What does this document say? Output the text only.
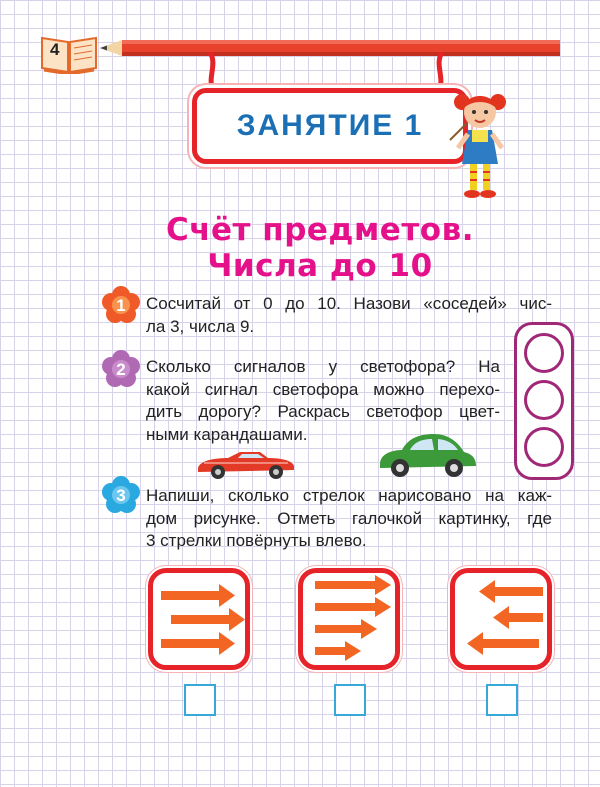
4
ЗАНЯТИЕ 1
Счёт предметов.
Числа до 10
1 Сосчитай от 0 до 10. Назови «соседей» чис-
ла 3, числа 9.
2 Сколько сигналов у светофора? На
какой сигнал светофора можно перехо-
дить дорогу? Раскрась светофор цвет-
ными карандашами.
3 Напиши, сколько стрелок нарисовано на каж-
дом рисунке. Отметь галочкой картинку, где
3 стрелки повёрнуты влево.
